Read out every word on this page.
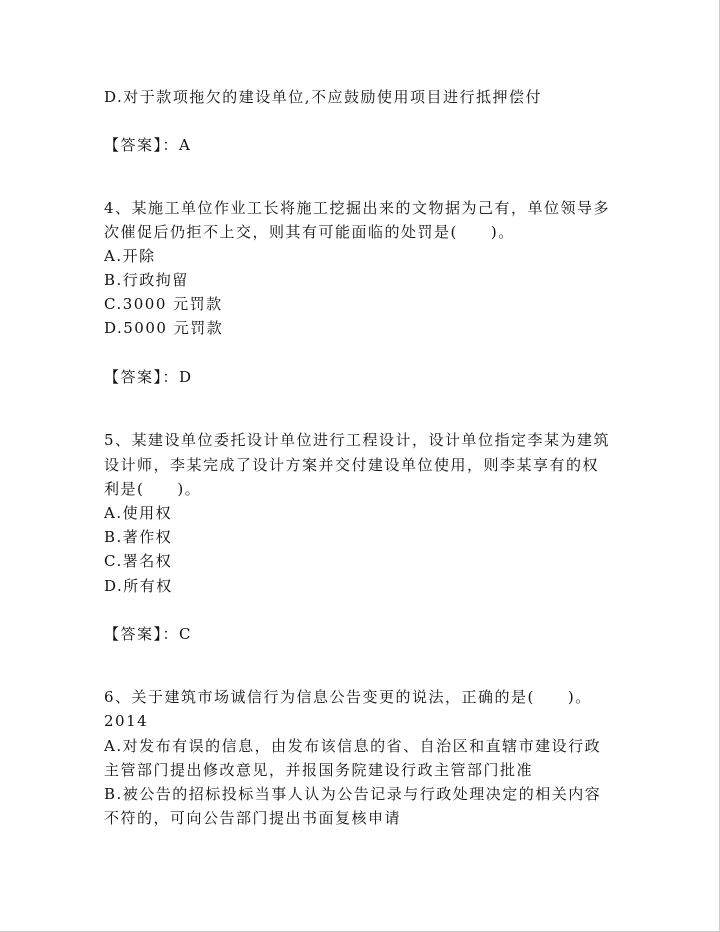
D.对于款项拖欠的建设单位,不应鼓励使用项目进行抵押偿付
【答案】：A
4、某施工单位作业工长将施工挖掘出来的文物据为己有，单位领导多
次催促后仍拒不上交，则其有可能面临的处罚是(　　)。
A.开除
B.行政拘留
C.3000 元罚款
D.5000 元罚款
【答案】：D
5、某建设单位委托设计单位进行工程设计，设计单位指定李某为建筑
设计师，李某完成了设计方案并交付建设单位使用，则李某享有的权
利是(　　)。
A.使用权
B.著作权
C.署名权
D.所有权
【答案】：C
6、关于建筑市场诚信行为信息公告变更的说法，正确的是(　　)。
2014
A.对发布有误的信息，由发布该信息的省、自治区和直辖市建设行政
主管部门提出修改意见，并报国务院建设行政主管部门批准
B.被公告的招标投标当事人认为公告记录与行政处理决定的相关内容
不符的，可向公告部门提出书面复核申请
